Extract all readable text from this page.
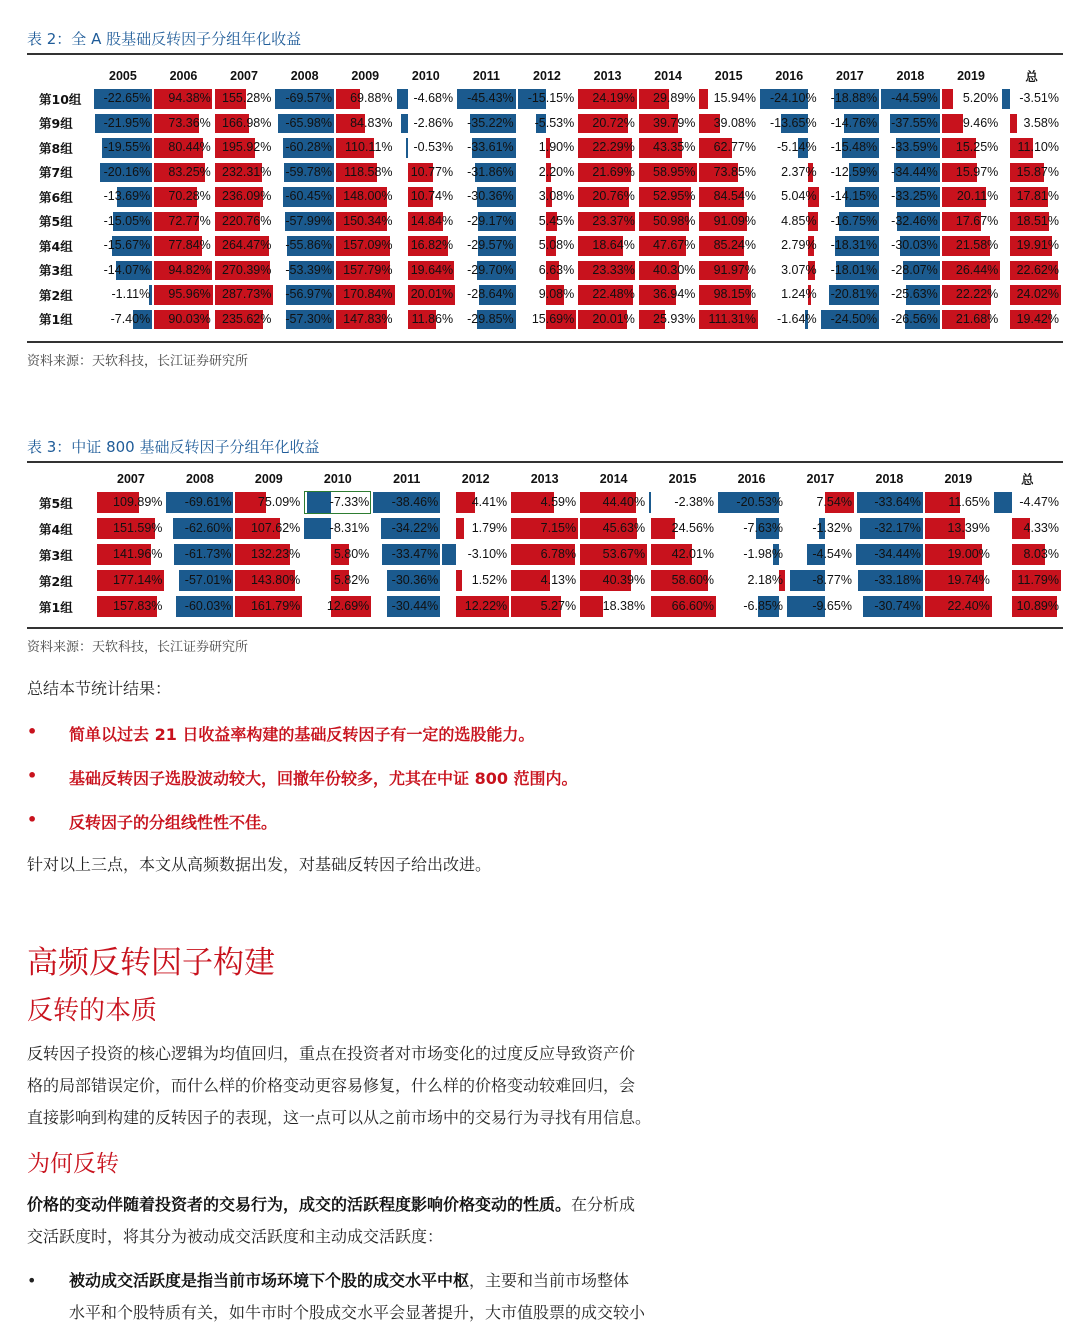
表 2：全 A 股基础反转因子分组年化收益
	2005	2006	2007	2008	2009	2010	2011	2012	2013	2014	2015	2016	2017	2018	2019	总
第10组	-22.65%	94.38%	155.28%	-69.57%	69.88%	-4.68%	-45.43%	-15.15%	24.19%	29.89%	15.94%	-24.10%	-18.88%	-44.59%	5.20%	-3.51%

第9组	-21.95%	73.36%	166.98%	-65.98%	84.83%	-2.86%	-35.22%	-5.53%	20.72%	39.79%	39.08%	-13.65%	-14.76%	-37.55%	9.46%	3.58%

第8组	-19.55%	80.44%	195.92%	-60.28%	110.11%	-0.53%	-33.61%	1.90%	22.29%	43.35%	62.77%	-5.14%	-15.48%	-33.59%	15.25%	11.10%

第7组	-20.16%	83.25%	232.31%	-59.78%	118.58%	10.77%	-31.86%	2.20%	21.69%	58.95%	73.85%	2.37%	-12.59%	-34.44%	15.97%	15.87%

第6组	-13.69%	70.28%	236.09%	-60.45%	148.00%	10.74%	-30.36%	3.08%	20.76%	52.95%	84.54%	5.04%	-14.15%	-33.25%	20.11%	17.81%

第5组	-15.05%	72.77%	220.76%	-57.99%	150.34%	14.84%	-29.17%	5.45%	23.37%	50.98%	91.09%	4.85%	-16.75%	-32.46%	17.67%	18.51%

第4组	-15.67%	77.84%	264.47%	-55.86%	157.09%	16.82%	-29.57%	5.08%	18.64%	47.67%	85.24%	2.79%	-18.31%	-30.03%	21.58%	19.91%

第3组	-14.07%	94.82%	270.39%	-53.39%	157.79%	19.64%	-29.70%	6.63%	23.33%	40.30%	91.97%	3.07%	-18.01%	-28.07%	26.44%	22.62%

第2组	-1.11%	95.96%	287.73%	-56.97%	170.84%	20.01%	-28.64%	9.08%	22.48%	36.94%	98.15%	1.24%	-20.81%	-25.63%	22.22%	24.02%

第1组	-7.40%	90.03%	235.62%	-57.30%	147.83%	11.86%	-29.85%	15.69%	20.01%	25.93%	111.31%	-1.64%	-24.50%	-26.56%	21.68%	19.42%
资料来源：天软科技，长江证券研究所
表 3：中证 800 基础反转因子分组年化收益
	2007	2008	2009	2010	2011	2012	2013	2014	2015	2016	2017	2018	2019	总
第5组	109.89%	-69.61%	75.09%	-7.33%	-38.46%	4.41%	4.59%	44.40%	-2.38%	-20.53%	7.54%	-33.64%	11.65%	-4.47%

第4组	151.59%	-62.60%	107.62%	-8.31%	-34.22%	1.79%	7.15%	45.63%	24.56%	-7.63%	-1.32%	-32.17%	13.39%	4.33%

第3组	141.96%	-61.73%	132.23%	5.80%	-33.47%	-3.10%	6.78%	53.67%	42.01%	-1.98%	-4.54%	-34.44%	19.00%	8.03%

第2组	177.14%	-57.01%	143.80%	5.82%	-30.36%	1.52%	4.13%	40.39%	58.60%	2.18%	-8.77%	-33.18%	19.74%	11.79%

第1组	157.83%	-60.03%	161.79%	12.69%	-30.44%	12.22%	5.27%	18.38%	66.60%	-6.85%	-9.65%	-30.74%	22.40%	10.89%
资料来源：天软科技，长江证券研究所
总结本节统计结果：
• 简单以过去 21 日收益率构建的基础反转因子有一定的选股能力。
• 基础反转因子选股波动较大，回撤年份较多，尤其在中证 800 范围内。
• 反转因子的分组线性性不佳。
针对以上三点，本文从高频数据出发，对基础反转因子给出改进。
高频反转因子构建
反转的本质
反转因子投资的核心逻辑为均值回归，重点在投资者对市场变化的过度反应导致资产价
格的局部错误定价，而什么样的价格变动更容易修复，什么样的价格变动较难回归，会
直接影响到构建的反转因子的表现，这一点可以从之前市场中的交易行为寻找有用信息。
为何反转
价格的变动伴随着投资者的交易行为，成交的活跃程度影响价格变动的性质。在分析成
交活跃度时，将其分为被动成交活跃度和主动成交活跃度：
• 被动成交活跃度是指当前市场环境下个股的成交水平中枢，主要和当前市场整体
水平和个股特质有关，如牛市时个股成交水平会显著提升，大市值股票的成交较小
